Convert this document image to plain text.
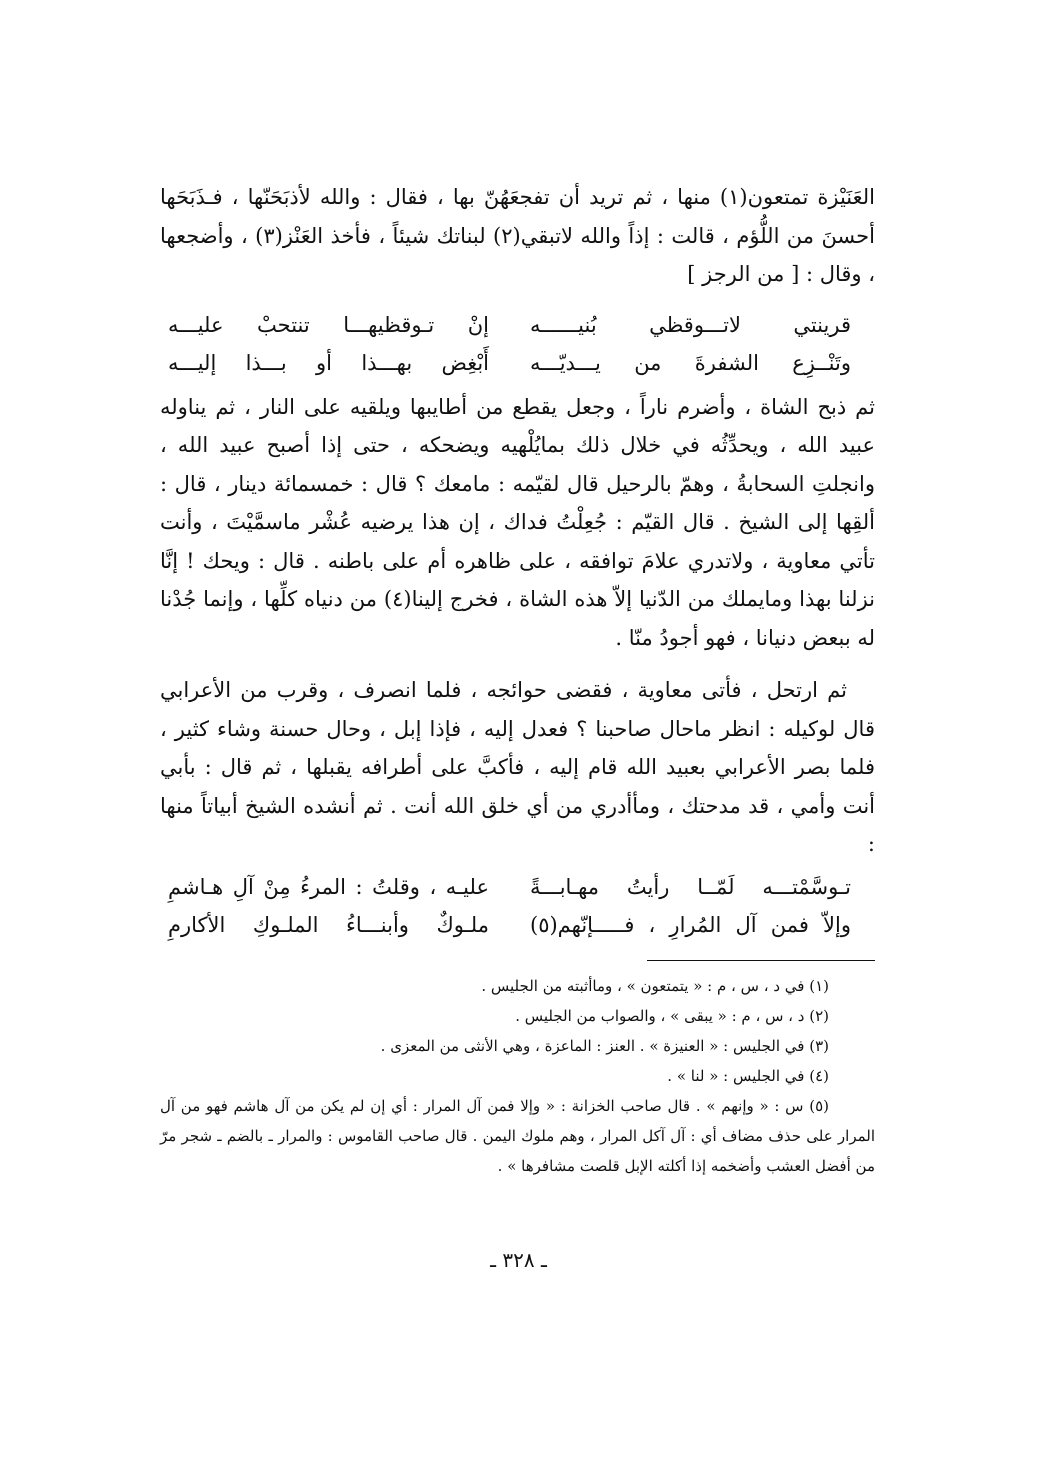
العَنَيْزة تمتعون(١) منها ، ثم تريد أن تفجعَهُنّ بها ، فقال : والله لأذبَحَنّها ، فـذَبَحَها أحسنَ من اللُّؤم ، قالت : إذاً والله لاتبقي(٢) لبناتك شيئاً ، فأخذ العَنْز(٣) ، وأضجعها ، وقال : [ من الرجز ]

قرينتي لاتـــوقظي بُنيــــــه
إنْ تـوقظيهـــا تنتحبْ عليـــه
وتَنْــزِع الشفرةَ من يـــديّـــه
أَبْغِض بهـــذا أو بـــذا إليـــه

ثم ذبح الشاة ، وأضرم ناراً ، وجعل يقطع من أطايبها ويلقيه على النار ، ثم يناوله عبيد الله ، ويحدِّثُه في خلال ذلك بمايُلْهيه ويضحكه ، حتى إذا أصبح عبيد الله ، وانجلتِ السحابةُ ، وهمّ بالرحيل قال لقيّمه : مامعك ؟ قال : خمسمائة دينار ، قال : ألقِها إلى الشيخ . قال القيّم : جُعِلْتُ فداك ، إن هذا يرضيه عُشْر ماسمَّيْتَ ، وأنت تأتي معاوية ، ولاتدري علامَ توافقه ، على ظاهره أم على باطنه . قال : ويحك ! إنَّا نزلنا بهذا ومايملك من الدّنيا إلاّ هذه الشاة ، فخرج إلينا(٤) من دنياه كلِّها ، وإنما جُدْنا له ببعض دنيانا ، فهو أجودُ منّا .

ثم ارتحل ، فأتى معاوية ، فقضى حوائجه ، فلما انصرف ، وقرب من الأعرابي قال لوكيله : انظر ماحال صاحبنا ؟ فعدل إليه ، فإذا إبل ، وحال حسنة وشاء كثير ، فلما بصر الأعرابي بعبيد الله قام إليه ، فأكبَّ على أطرافه يقبلها ، ثم قال : بأبي أنت وأمي ، قد مدحتك ، ومأأدري من أي خلق الله أنت . ثم أنشده الشيخ أبياتاً منها :

تـوسَّمْتـــه لَمّــا رأيتُ مهـابـــةً
عليـه ، وقلتُ : المرءُ مِنْ آلِ هـاشمِ
وإلاّ فمن آل المُرارِ ، فـــــإنّهم(٥)
ملـوكٌ وأبنـــاءُ الملـوكِ الأكارمِ

(١) في د ، س ، م : « يتمتعون » ، وماأثبته من الجليس .

(٢) د ، س ، م : « يبقى » ، والصواب من الجليس .

(٣) في الجليس : « العنيزة » . العنز : الماعزة ، وهي الأنثى من المعزى .

(٤) في الجليس : « لنا » .

(٥) س : « وإنهم » . قال صاحب الخزانة : « وإلا فمن آل المرار : أي إن لم يكن من آل هاشم فهو من آل المرار على حذف مضاف أي : آل آكل المرار ، وهم ملوك اليمن . قال صاحب القاموس : والمرار ـ بالضم ـ شجر مرّ من أفضل العشب وأضخمه إذا أكلته الإبل قلصت مشافرها » .

ـ ٣٢٨ ـ
